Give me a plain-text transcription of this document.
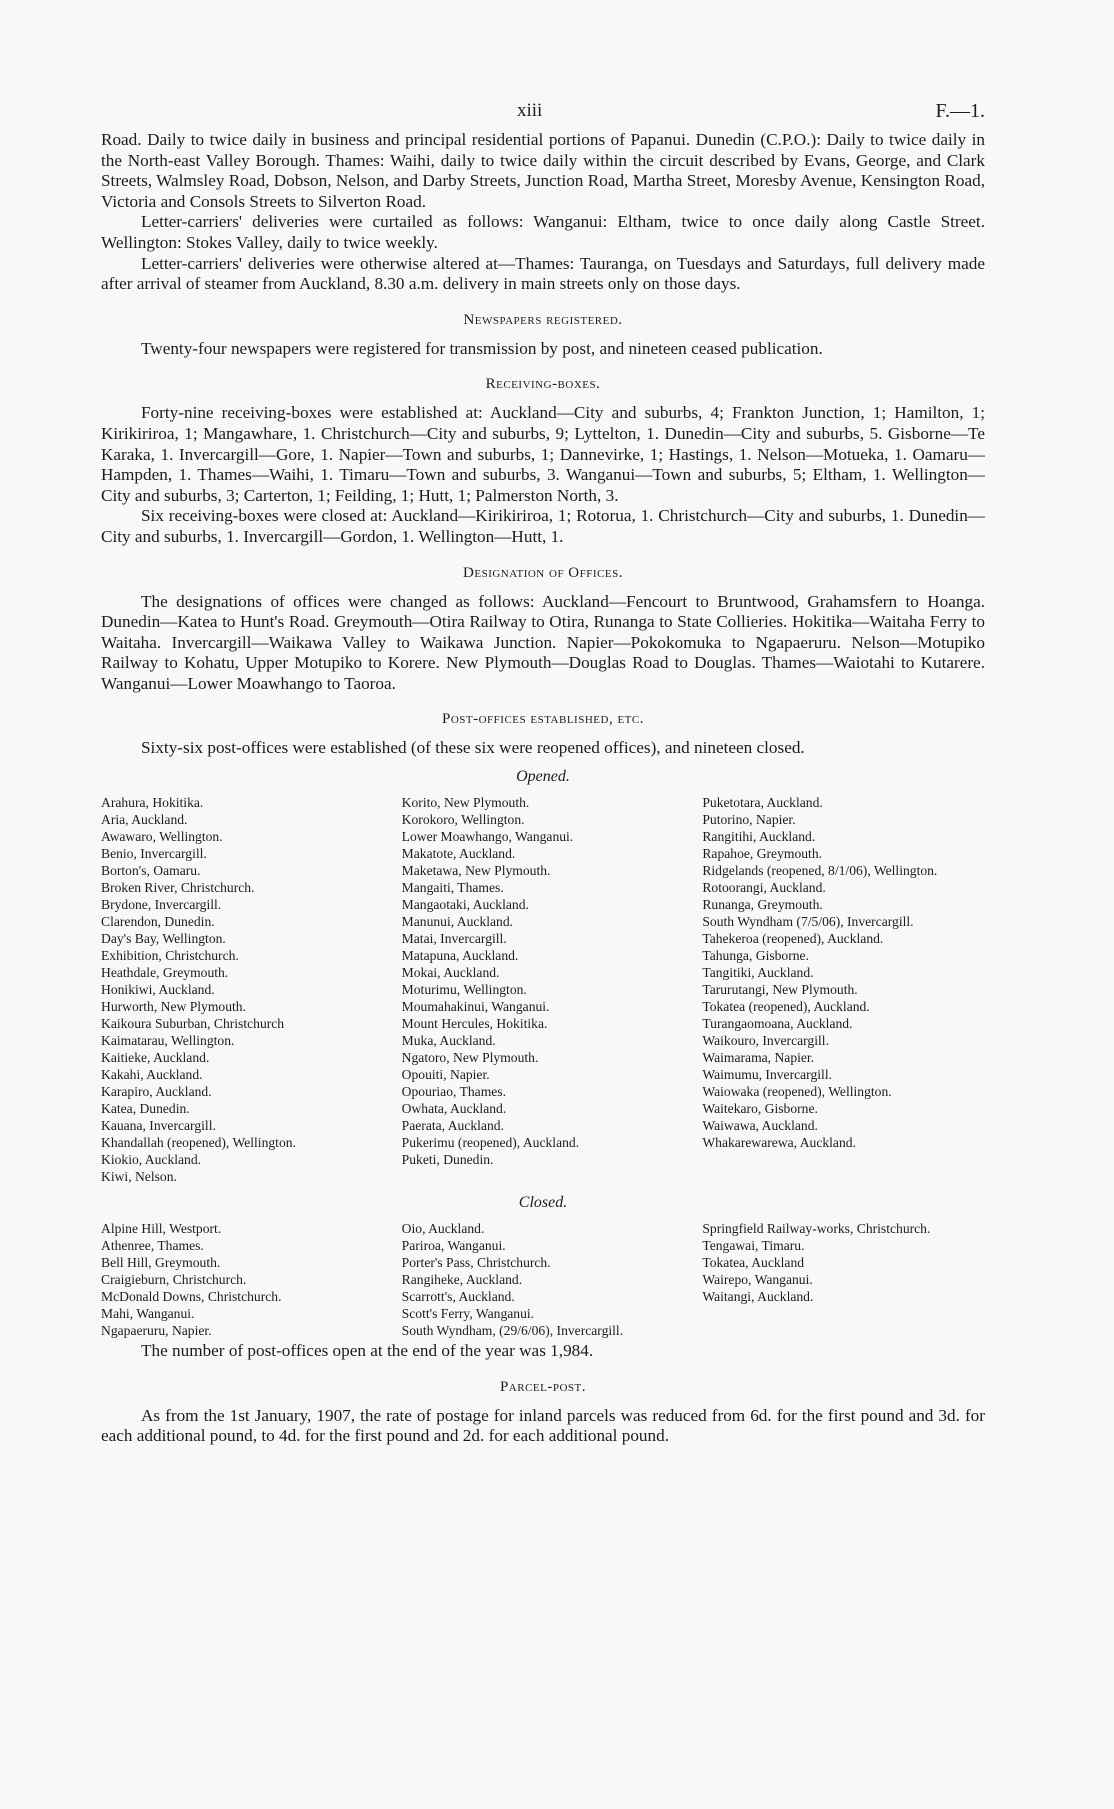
xiii	F.—1.

Road. Daily to twice daily in business and principal residential portions of Papanui. Dunedin (C.P.O.): Daily to twice daily in the North-east Valley Borough. Thames: Waihi, daily to twice daily within the circuit described by Evans, George, and Clark Streets, Walmsley Road, Dobson, Nelson, and Darby Streets, Junction Road, Martha Street, Moresby Avenue, Kensington Road, Victoria and Consols Streets to Silverton Road.

Letter-carriers' deliveries were curtailed as follows: Wanganui: Eltham, twice to once daily along Castle Street. Wellington: Stokes Valley, daily to twice weekly.

Letter-carriers' deliveries were otherwise altered at—Thames: Tauranga, on Tuesdays and Saturdays, full delivery made after arrival of steamer from Auckland, 8.30 a.m. delivery in main streets only on those days.

Newspapers registered.

Twenty-four newspapers were registered for transmission by post, and nineteen ceased publication.

Receiving-boxes.

Forty-nine receiving-boxes were established at: Auckland—City and suburbs, 4; Frankton Junction, 1; Hamilton, 1; Kirikiriroa, 1; Mangawhare, 1. Christchurch—City and suburbs, 9; Lyttelton, 1. Dunedin—City and suburbs, 5. Gisborne—Te Karaka, 1. Invercargill—Gore, 1. Napier—Town and suburbs, 1; Dannevirke, 1; Hastings, 1. Nelson—Motueka, 1. Oamaru—Hampden, 1. Thames—Waihi, 1. Timaru—Town and suburbs, 3. Wanganui—Town and suburbs, 5; Eltham, 1. Wellington—City and suburbs, 3; Carterton, 1; Feilding, 1; Hutt, 1; Palmerston North, 3.

Six receiving-boxes were closed at: Auckland—Kirikiriroa, 1; Rotorua, 1. Christchurch—City and suburbs, 1. Dunedin—City and suburbs, 1. Invercargill—Gordon, 1. Wellington—Hutt, 1.

Designation of Offices.

The designations of offices were changed as follows: Auckland—Fencourt to Bruntwood, Grahamsfern to Hoanga. Dunedin—Katea to Hunt's Road. Greymouth—Otira Railway to Otira, Runanga to State Collieries. Hokitika—Waitaha Ferry to Waitaha. Invercargill—Waikawa Valley to Waikawa Junction. Napier—Pokokomuka to Ngapaeruru. Nelson—Motupiko Railway to Kohatu, Upper Motupiko to Korere. New Plymouth—Douglas Road to Douglas. Thames—Waiotahi to Kutarere. Wanganui—Lower Moawhango to Taoroa.

Post-offices established, etc.

Sixty-six post-offices were established (of these six were reopened offices), and nineteen closed.

Opened.
Arahura, Hokitika.
Aria, Auckland.
Awawaro, Wellington.
Benio, Invercargill.
Borton's, Oamaru.
Broken River, Christchurch.
Brydone, Invercargill.
Clarendon, Dunedin.
Day's Bay, Wellington.
Exhibition, Christchurch.
Heathdale, Greymouth.
Honikiwi, Auckland.
Hurworth, New Plymouth.
Kaikoura Suburban, Christchurch
Kaimatarau, Wellington.
Kaitieke, Auckland.
Kakahi, Auckland.
Karapiro, Auckland.
Katea, Dunedin.
Kauana, Invercargill.
Khandallah (reopened), Wellington.
Kiokio, Auckland.
Kiwi, Nelson.
Korito, New Plymouth.
Korokoro, Wellington.
Lower Moawhango, Wanganui.
Makatote, Auckland.
Maketawa, New Plymouth.
Mangaiti, Thames.
Mangaotaki, Auckland.
Manunui, Auckland.
Matai, Invercargill.
Matapuna, Auckland.
Mokai, Auckland.
Moturimu, Wellington.
Moumahakinui, Wanganui.
Mount Hercules, Hokitika.
Muka, Auckland.
Ngatoro, New Plymouth.
Opouiti, Napier.
Opouriao, Thames.
Owhata, Auckland.
Paerata, Auckland.
Pukerimu (reopened), Auckland.
Puketi, Dunedin.
Puketotara, Auckland.
Putorino, Napier.
Rangitihi, Auckland.
Rapahoe, Greymouth.
Ridgelands (reopened, 8/1/06), Wellington.
Rotoorangi, Auckland.
Runanga, Greymouth.
South Wyndham (7/5/06), Invercargill.
Tahekeroa (reopened), Auckland.
Tahunga, Gisborne.
Tangitiki, Auckland.
Tarurutangi, New Plymouth.
Tokatea (reopened), Auckland.
Turangaomoana, Auckland.
Waikouro, Invercargill.
Waimarama, Napier.
Waimumu, Invercargill.
Waiowaka (reopened), Wellington.
Waitekaro, Gisborne.
Waiwawa, Auckland.
Whakarewarewa, Auckland.
Closed.
Alpine Hill, Westport.
Athenree, Thames.
Bell Hill, Greymouth.
Craigieburn, Christchurch.
McDonald Downs, Christchurch.
Mahi, Wanganui.
Ngapaeruru, Napier.
Oio, Auckland.
Pariroa, Wanganui.
Porter's Pass, Christchurch.
Rangiheke, Auckland.
Scarrott's, Auckland.
Scott's Ferry, Wanganui.
South Wyndham, (29/6/06), Invercargill.
Springfield Railway-works, Christchurch.
Tengawai, Timaru.
Tokatea, Auckland
Wairepo, Wanganui.
Waitangi, Auckland.

The number of post-offices open at the end of the year was 1,984.

Parcel-post.

As from the 1st January, 1907, the rate of postage for inland parcels was reduced from 6d. for the first pound and 3d. for each additional pound, to 4d. for the first pound and 2d. for each additional pound.
